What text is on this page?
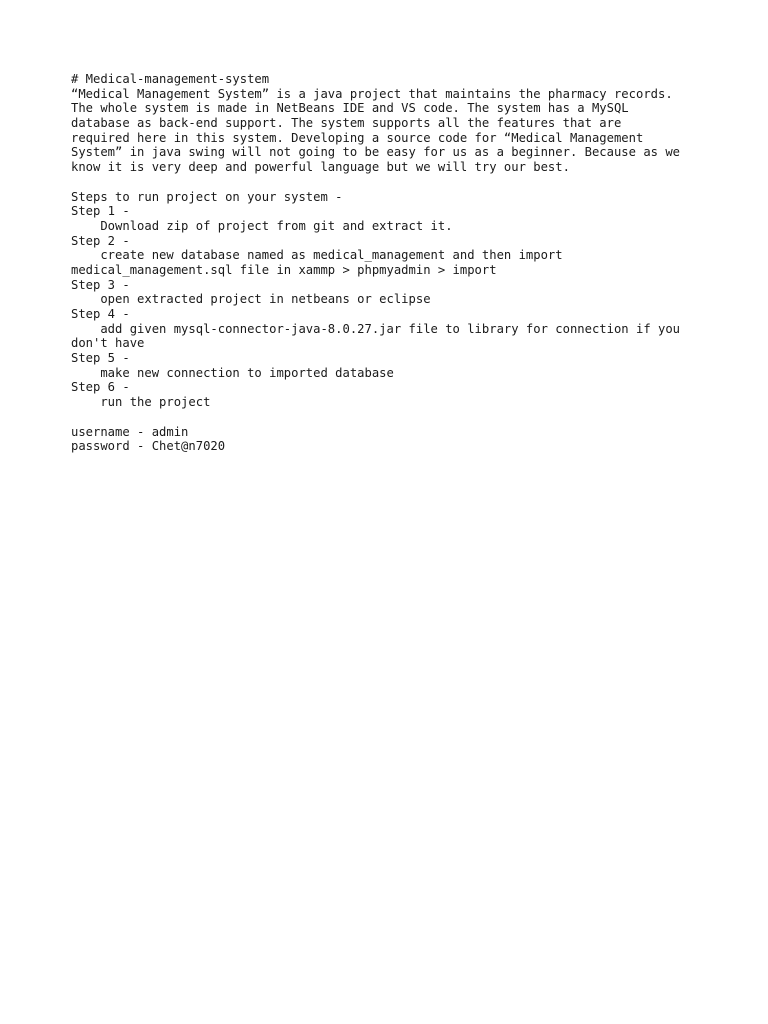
# Medical-management-system
“Medical Management System” is a java project that maintains the pharmacy records.
The whole system is made in NetBeans IDE and VS code. The system has a MySQL
database as back-end support. The system supports all the features that are
required here in this system. Developing a source code for “Medical Management
System” in java swing will not going to be easy for us as a beginner. Because as we
know it is very deep and powerful language but we will try our best.
Steps to run project on your system -
Step 1 -
Download zip of project from git and extract it.
Step 2 -
create new database named as medical_management and then import
medical_management.sql file in xammp > phpmyadmin > import
Step 3 -
open extracted project in netbeans or eclipse
Step 4 -
add given mysql-connector-java-8.0.27.jar file to library for connection if you
don't have
Step 5 -
make new connection to imported database
Step 6 -
run the project
username - admin
password - Chet@n7020
